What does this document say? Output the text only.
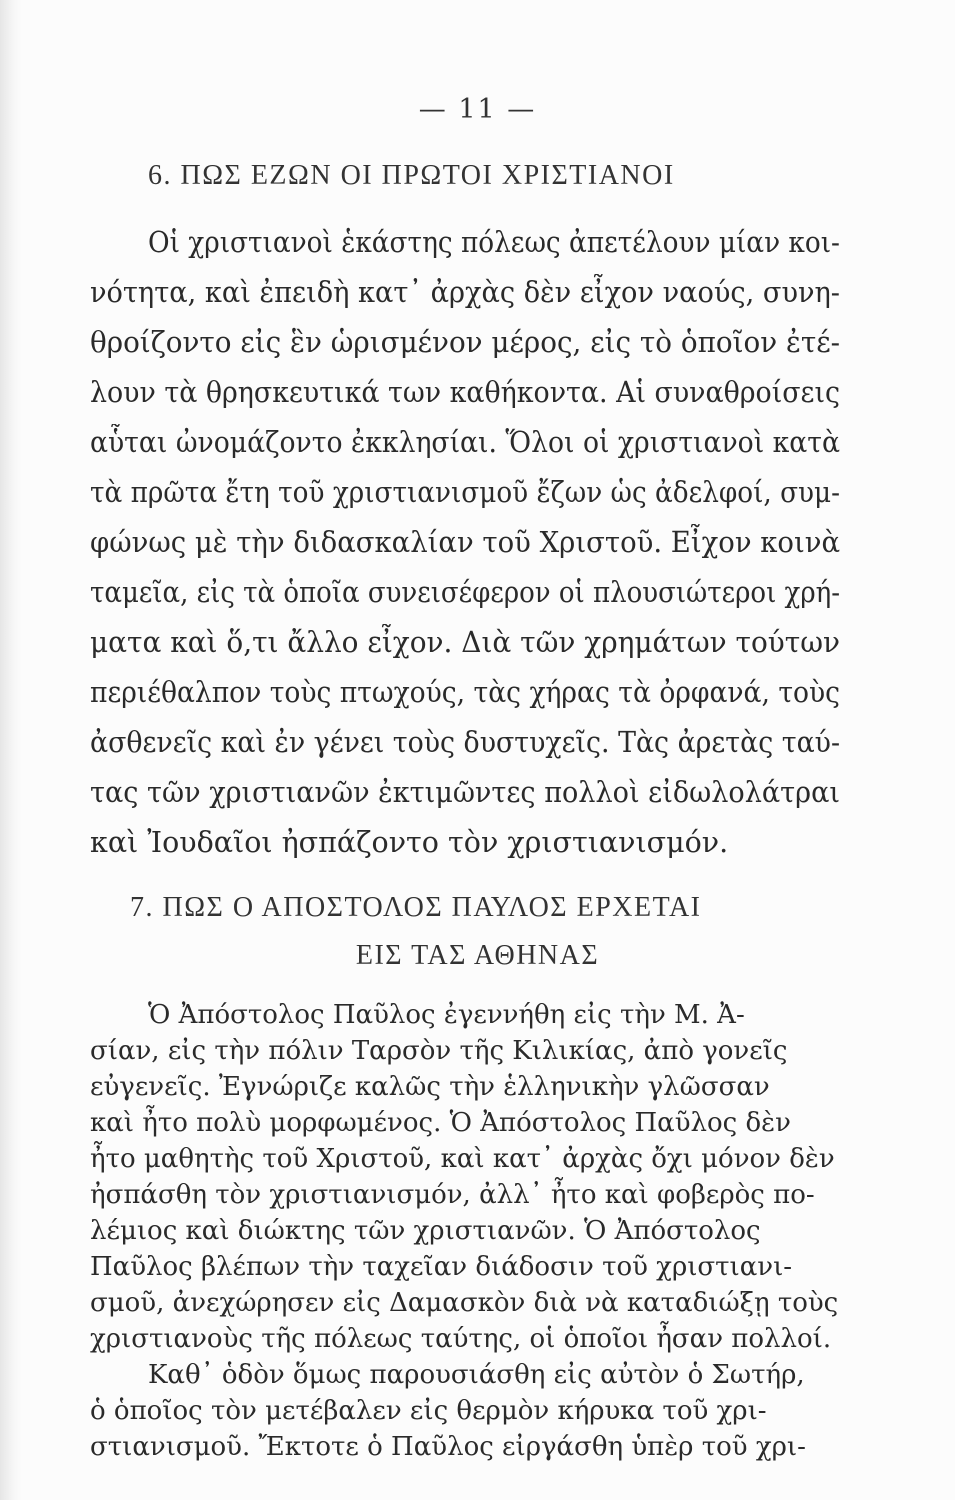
— 11 —
6. ΠΩΣ ΕΖΩΝ ΟΙ ΠΡΩΤΟΙ ΧΡΙΣΤΙΑΝΟΙ
Οἱ χριστιανοὶ ἑκάστης πόλεως ἀπετέλουν μίαν κοι-
νότητα, καὶ ἐπειδὴ κατ᾽ ἀρχὰς δὲν εἶχον ναούς, συνη-
θροίζοντο εἰς ἓν ὡρισμένον μέρος, εἰς τὸ ὁποῖον ἐτέ-
λουν τὰ θρησκευτικά των καθήκοντα. Αἱ συναθροίσεις
αὗται ὠνομάζοντο ἐκκλησίαι. Ὅλοι οἱ χριστιανοὶ κατὰ
τὰ πρῶτα ἔτη τοῦ χριστιανισμοῦ ἔζων ὡς ἀδελφοί, συμ-
φώνως μὲ τὴν διδασκαλίαν τοῦ Χριστοῦ. Εἶχον κοινὰ
ταμεῖα, εἰς τὰ ὁποῖα συνεισέφερον οἱ πλουσιώτεροι χρή-
ματα καὶ ὅ,τι ἄλλο εἶχον. Διὰ τῶν χρημάτων τούτων
περιέθαλπον τοὺς πτωχούς, τὰς χήρας τὰ ὀρφανά, τοὺς
ἀσθενεῖς καὶ ἐν γένει τοὺς δυστυχεῖς. Τὰς ἀρετὰς ταύ-
τας τῶν χριστιανῶν ἐκτιμῶντες πολλοὶ εἰδωλολάτραι
καὶ Ἰουδαῖοι ἠσπάζοντο τὸν χριστιανισμόν.
7. ΠΩΣ Ο ΑΠΟΣΤΟΛΟΣ ΠΑΥΛΟΣ ΕΡΧΕΤΑΙ
ΕΙΣ ΤΑΣ ΑΘΗΝΑΣ
Ὁ Ἀπόστολος Παῦλος ἐγεννήθη εἰς τὴν Μ. Ἀ-
σίαν, εἰς τὴν πόλιν Ταρσὸν τῆς Κιλικίας, ἀπὸ γονεῖς
εὐγενεῖς. Ἐγνώριζε καλῶς τὴν ἑλληνικὴν γλῶσσαν
καὶ ἦτο πολὺ μορφωμένος. Ὁ Ἀπόστολος Παῦλος δὲν
ἦτο μαθητὴς τοῦ Χριστοῦ, καὶ κατ᾽ ἀρχὰς ὄχι μόνον δὲν
ἠσπάσθη τὸν χριστιανισμόν, ἀλλ᾽ ἦτο καὶ φοβερὸς πο-
λέμιος καὶ διώκτης τῶν χριστιανῶν. Ὁ Ἀπόστολος
Παῦλος βλέπων τὴν ταχεῖαν διάδοσιν τοῦ χριστιανι-
σμοῦ, ἀνεχώρησεν εἰς Δαμασκὸν διὰ νὰ καταδιώξῃ τοὺς
χριστιανοὺς τῆς πόλεως ταύτης, οἱ ὁποῖοι ἦσαν πολλοί.
Καθ᾽ ὁδὸν ὅμως παρουσιάσθη εἰς αὐτὸν ὁ Σωτήρ,
ὁ ὁποῖος τὸν μετέβαλεν εἰς θερμὸν κήρυκα τοῦ χρι-
στιανισμοῦ. Ἔκτοτε ὁ Παῦλος εἰργάσθη ὑπὲρ τοῦ χρι-
